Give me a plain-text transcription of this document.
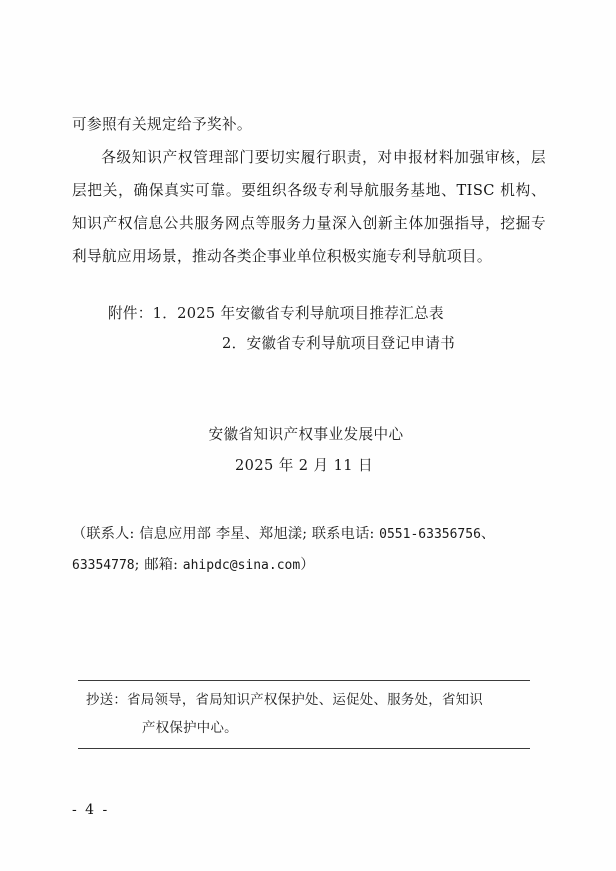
可参照有关规定给予奖补。

各级知识产权管理部门要切实履行职责，对申报材料加强审核，层层把关，确保真实可靠。要组织各级专利导航服务基地、TISC 机构、知识产权信息公共服务网点等服务力量深入创新主体加强指导，挖掘专利导航应用场景，推动各类企事业单位积极实施专利导航项目。

附件：1．2025 年安徽省专利导航项目推荐汇总表
2．安徽省专利导航项目登记申请书
安徽省知识产权事业发展中心
2025 年 2 月 11 日
（联系人: 信息应用部 李星、郑旭漾; 联系电话: 0551-63356756、
63354778; 邮箱: ahipdc@sina.com）
抄送：省局领导，省局知识产权保护处、运促处、服务处，省知识
产权保护中心。
- 4 -
